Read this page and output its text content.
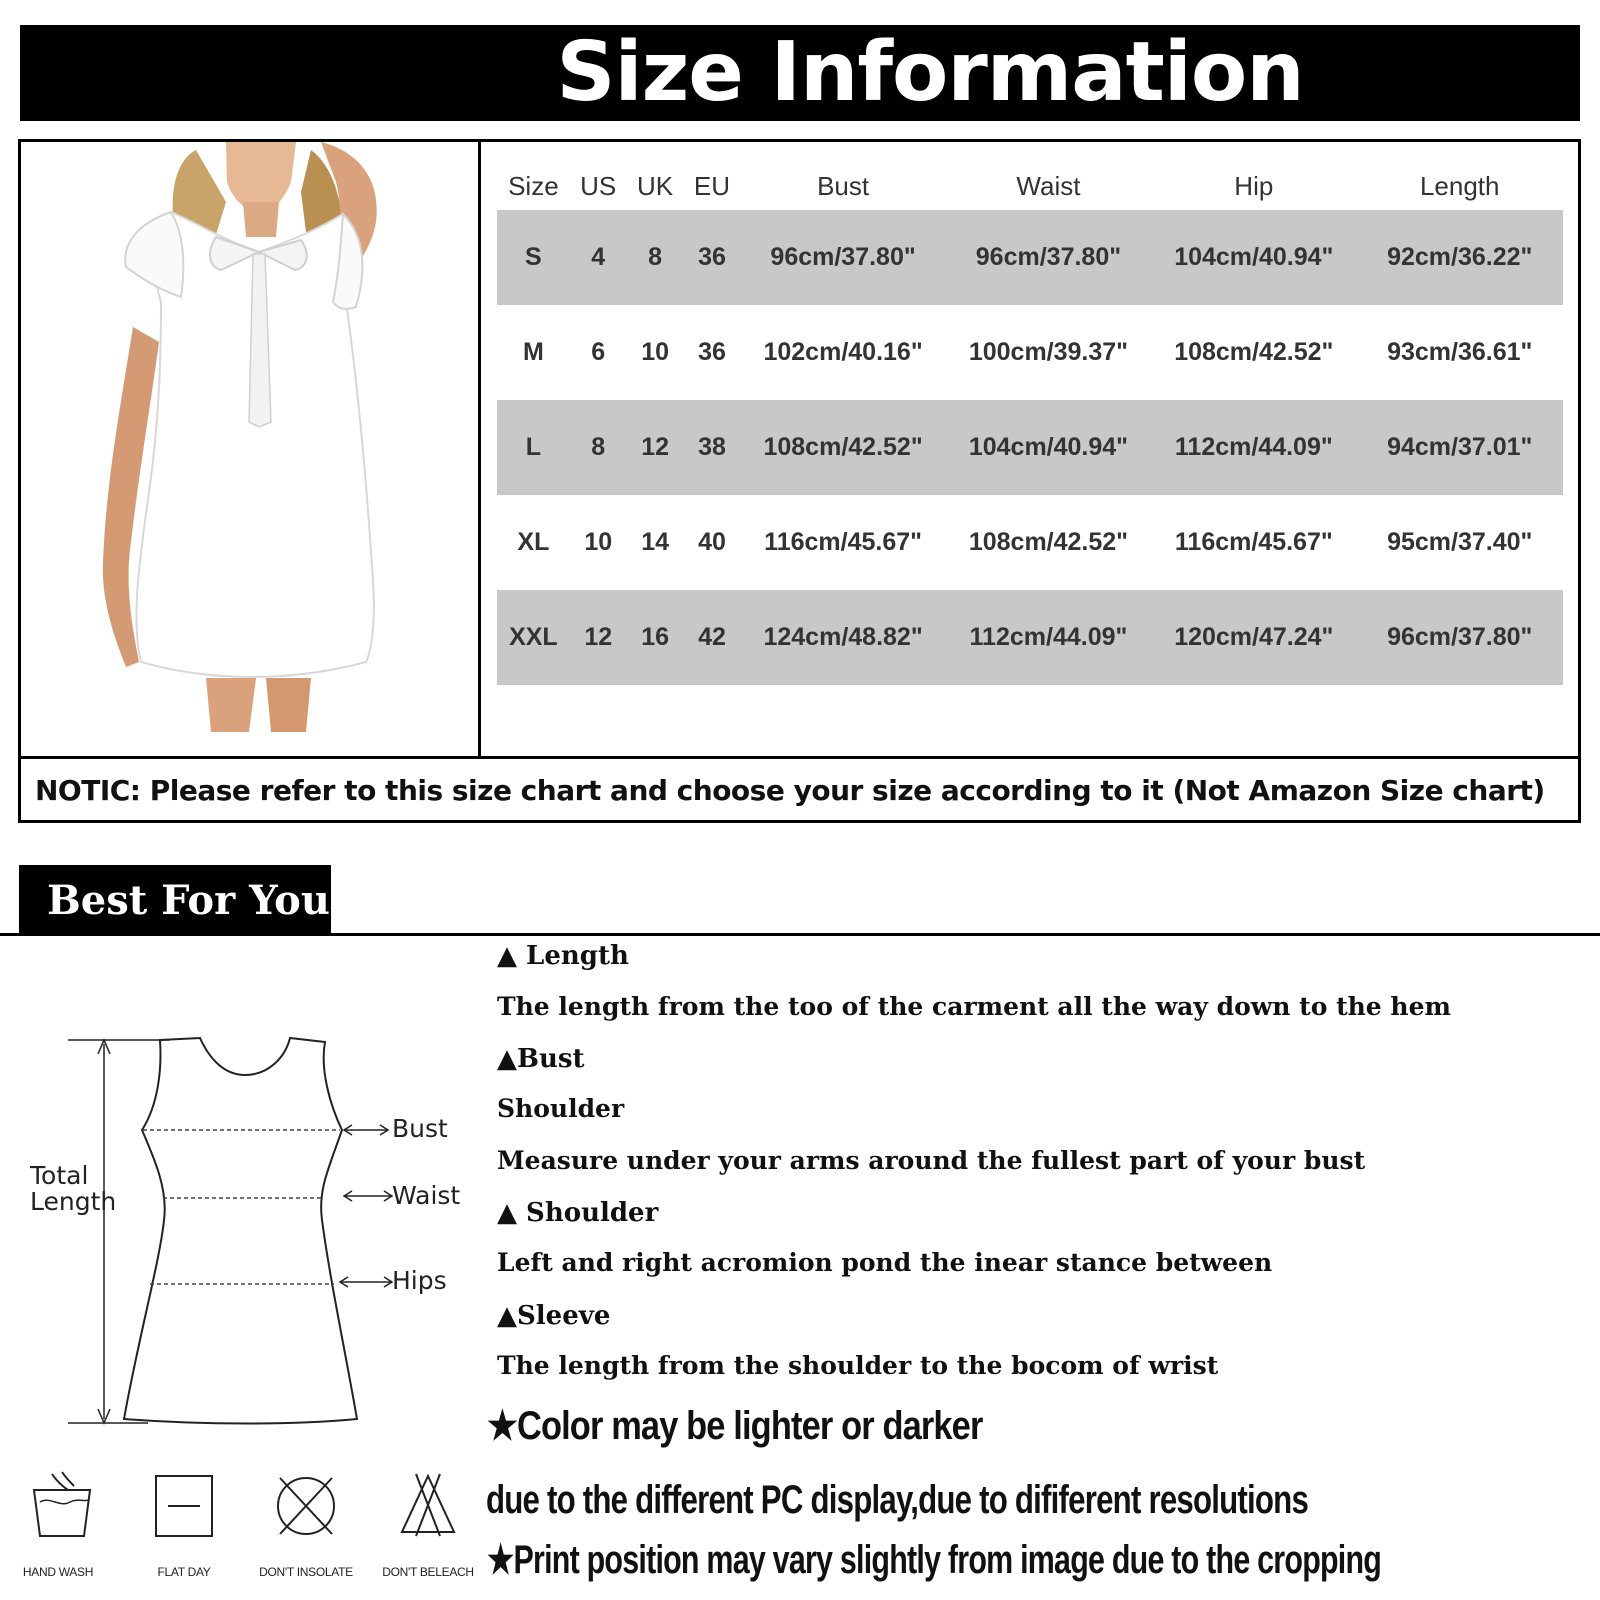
Size Information
Size	US	UK	EU	Bust	Waist	Hip	Length
S	4	8	36	96cm/37.80"	96cm/37.80"	104cm/40.94"	92cm/36.22"
M	6	10	36	102cm/40.16"	100cm/39.37"	108cm/42.52"	93cm/36.61"
L	8	12	38	108cm/42.52"	104cm/40.94"	112cm/44.09"	94cm/37.01"
XL	10	14	40	116cm/45.67"	108cm/42.52"	116cm/45.67"	95cm/37.40"
XXL	12	16	42	124cm/48.82"	112cm/44.09"	120cm/47.24"	96cm/37.80"
NOTIC: Please refer to this size chart and choose your size according to it (Not Amazon Size chart)
Best For You
Total
Length
Bust
Waist
Hips
▲ Length
The length from the too of the carment all the way down to the hem
▲Bust
Shoulder
Measure under your arms around the fullest part of your bust
▲ Shoulder
Left and right acromion pond the inear stance between
▲Sleeve
The length from the shoulder to the bocom of wrist
★Color may be lighter or darker
due to the different PC display,due to dififerent resolutions
★Print position may vary slightly from image due to the cropping
HAND WASH	FLAT DAY	DON'T INSOLATE	DON'T BELEACH
